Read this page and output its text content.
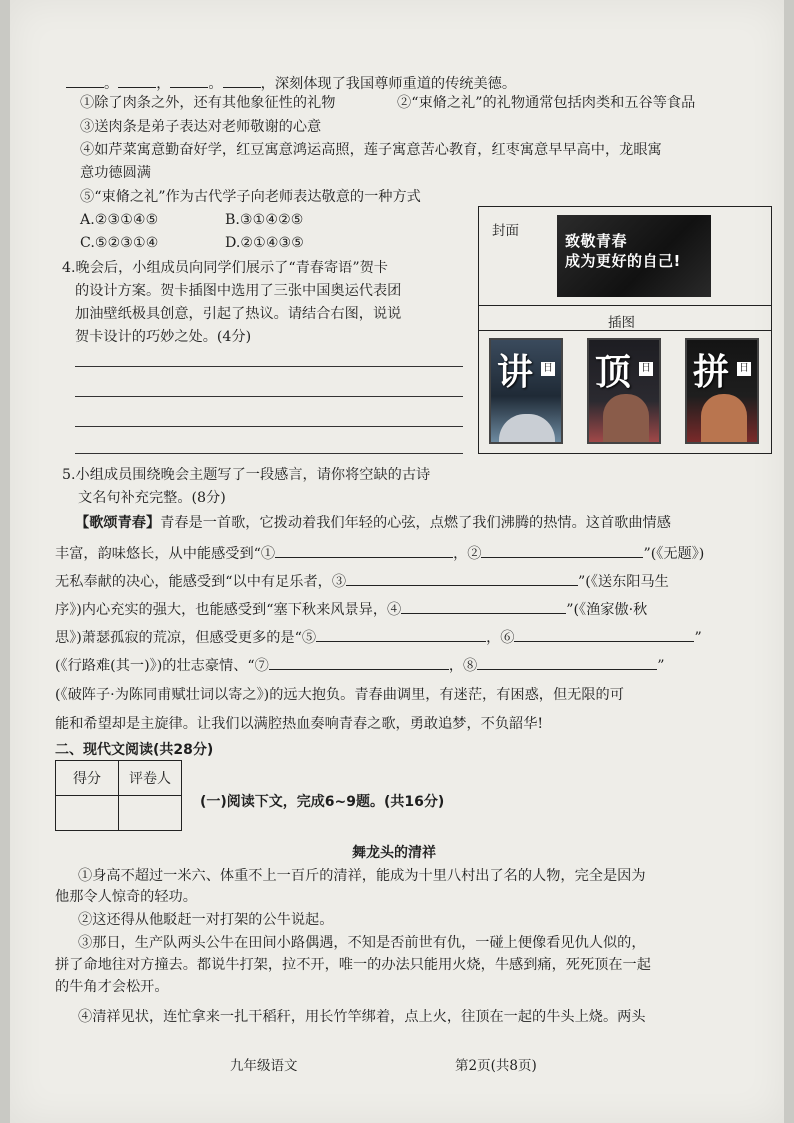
。	，	。	，深刻体现了我国尊师重道的传统美德。
①除了肉条之外，还有其他象征性的礼物	②“束脩之礼”的礼物通常包括肉类和五谷等食品
③送肉条是弟子表达对老师敬谢的心意
④如芹菜寓意勤奋好学，红豆寓意鸿运高照，莲子寓意苦心教育，红枣寓意早早高中，龙眼寓
意功德圆满
⑤“束脩之礼”作为古代学子向老师表达敬意的一种方式
A.②③①④⑤	B.③①④②⑤
C.⑤②③①④	D.②①④③⑤
4.晚会后，小组成员向同学们展示了“青春寄语”贺卡
的设计方案。贺卡插图中选用了三张中国奥运代表团
加油壁纸极具创意，引起了热议。请结合右图，说说
贺卡设计的巧妙之处。(4分)
封面
致敬青春
成为更好的自己!
插图
讲 日 顶 日 拼 日
5.小组成员围绕晚会主题写了一段感言，请你将空缺的古诗
文名句补充完整。(8分)
【歌颂青春】青春是一首歌，它拨动着我们年轻的心弦，点燃了我们沸腾的热情。这首歌曲情感
丰富，韵味悠长，从中能感受到“①	，②	”(《无题》)
无私奉献的决心，能感受到“以中有足乐者，③	”(《送东阳马生
序》)内心充实的强大，也能感受到“塞下秋来风景异，④	”(《渔家傲·秋
思》)萧瑟孤寂的荒凉，但感受更多的是“⑤	，⑥	”
(《行路难(其一)》)的壮志豪情、“⑦	，⑧	”
(《破阵子·为陈同甫赋壮词以寄之》)的远大抱负。青春曲调里，有迷茫，有困惑，但无限的可
能和希望却是主旋律。让我们以满腔热血奏响青春之歌，勇敢追梦，不负韶华!
二、现代文阅读(共28分)
得分	评卷人

(一)阅读下文，完成6~9题。(共16分)
舞龙头的清祥
①身高不超过一米六、体重不上一百斤的清祥，能成为十里八村出了名的人物，完全是因为
他那令人惊奇的轻功。
②这还得从他駁赶一对打架的公牛说起。
③那日，生产队两头公牛在田间小路偶遇，不知是否前世有仇，一碰上便像看见仇人似的，
拼了命地往对方撞去。都说牛打架，拉不开，唯一的办法只能用火烧，牛感到痛，死死顶在一起
的牛角才会松开。
④清祥见状，连忙拿来一扎干稻秆，用长竹竿绑着，点上火，往顶在一起的牛头上烧。两头
九年级语文	第2页(共8页)
